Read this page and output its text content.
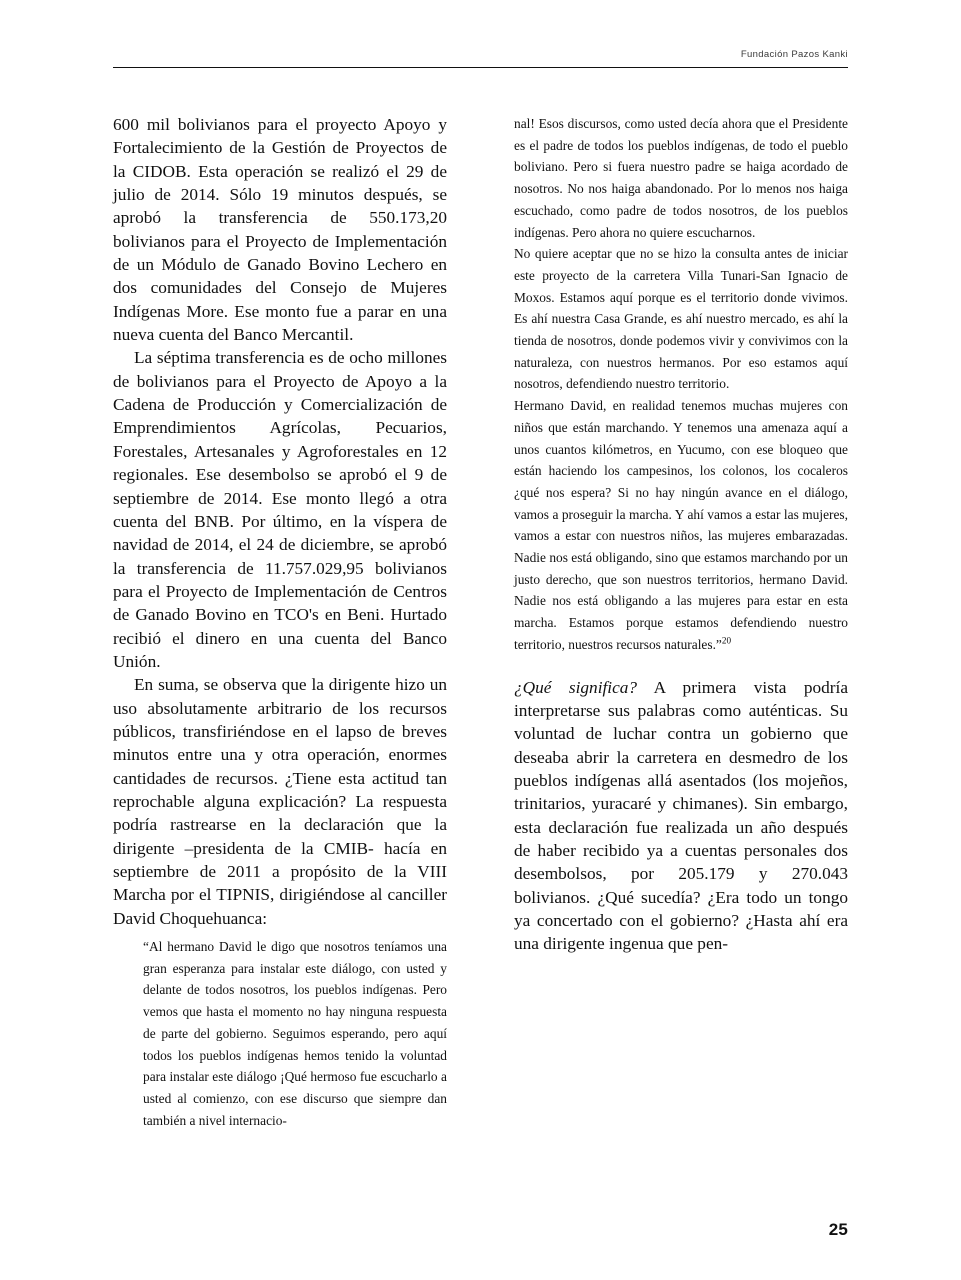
Fundación Pazos Kanki

600 mil bolivianos para el proyecto Apoyo y Fortalecimiento de la Gestión de Proyectos de la CIDOB. Esta operación se realizó el 29 de julio de 2014. Sólo 19 minutos después, se aprobó la transferencia de 550.173,20 bolivianos para el Proyecto de Implementación de un Módulo de Ganado Bovino Lechero en dos comunidades del Consejo de Mujeres Indígenas More. Ese monto fue a parar en una nueva cuenta del Banco Mercantil.

La séptima transferencia es de ocho millones de bolivianos para el Proyecto de Apoyo a la Cadena de Producción y Comercialización de Emprendimientos Agrícolas, Pecuarios, Forestales, Artesanales y Agroforestales en 12 regionales. Ese desembolso se aprobó el 9 de septiembre de 2014. Ese monto llegó a otra cuenta del BNB. Por último, en la víspera de navidad de 2014, el 24 de diciembre, se aprobó la transferencia de 11.757.029,95 bolivianos para el Proyecto de Implementación de Centros de Ganado Bovino en TCO's en Beni. Hurtado recibió el dinero en una cuenta del Banco Unión.

En suma, se observa que la dirigente hizo un uso absolutamente arbitrario de los recursos públicos, transfiriéndose en el lapso de breves minutos entre una y otra operación, enormes cantidades de recursos. ¿Tiene esta actitud tan reprochable alguna explicación? La respuesta podría rastrearse en la declaración que la dirigente –presidenta de la CMIB- hacía en septiembre de 2011 a propósito de la VIII Marcha por el TIPNIS, dirigiéndose al canciller David Choquehuanca:

“Al hermano David le digo que nosotros teníamos una gran esperanza para instalar este diálogo, con usted y delante de todos nosotros, los pueblos indígenas. Pero vemos que hasta el momento no hay ninguna respuesta de parte del gobierno. Seguimos esperando, pero aquí todos los pueblos indígenas hemos tenido la voluntad para instalar este diálogo ¡Qué hermoso fue escucharlo a usted al comienzo, con ese discurso que siempre dan también a nivel internacio-

nal! Esos discursos, como usted decía ahora que el Presidente es el padre de todos los pueblos indígenas, de todo el pueblo boliviano. Pero si fuera nuestro padre se haiga acordado de nosotros. No nos haiga abandonado. Por lo menos nos haiga escuchado, como padre de todos nosotros, de los pueblos indígenas. Pero ahora no quiere escucharnos.

No quiere aceptar que no se hizo la consulta antes de iniciar este proyecto de la carretera Villa Tunari-San Ignacio de Moxos. Estamos aquí porque es el territorio donde vivimos. Es ahí nuestra Casa Grande, es ahí nuestro mercado, es ahí la tienda de nosotros, donde podemos vivir y convivimos con la naturaleza, con nuestros hermanos. Por eso estamos aquí nosotros, defendiendo nuestro territorio.

Hermano David, en realidad tenemos muchas mujeres con niños que están marchando. Y tenemos una amenaza aquí a unos cuantos kilómetros, en Yucumo, con ese bloqueo que están haciendo los campesinos, los colonos, los cocaleros ¿qué nos espera? Si no hay ningún avance en el diálogo, vamos a proseguir la marcha. Y ahí vamos a estar las mujeres, vamos a estar con nuestros niños, las mujeres embarazadas. Nadie nos está obligando, sino que estamos marchando por un justo derecho, que son nuestros territorios, hermano David. Nadie nos está obligando a las mujeres para estar en esta marcha. Estamos porque estamos defendiendo nuestro territorio, nuestros recursos naturales.”$^{20}$

¿Qué significa? A primera vista podría interpretarse sus palabras como auténticas. Su voluntad de luchar contra un gobierno que deseaba abrir la carretera en desmedro de los pueblos indígenas allá asentados (los mojeños, trinitarios, yuracaré y chimanes). Sin embargo, esta declaración fue realizada un año después de haber recibido ya a cuentas personales dos desembolsos, por 205.179 y 270.043 bolivianos. ¿Qué sucedía? ¿Era todo un tongo ya concertado con el gobierno? ¿Hasta ahí era una dirigente ingenua que pen-

25
